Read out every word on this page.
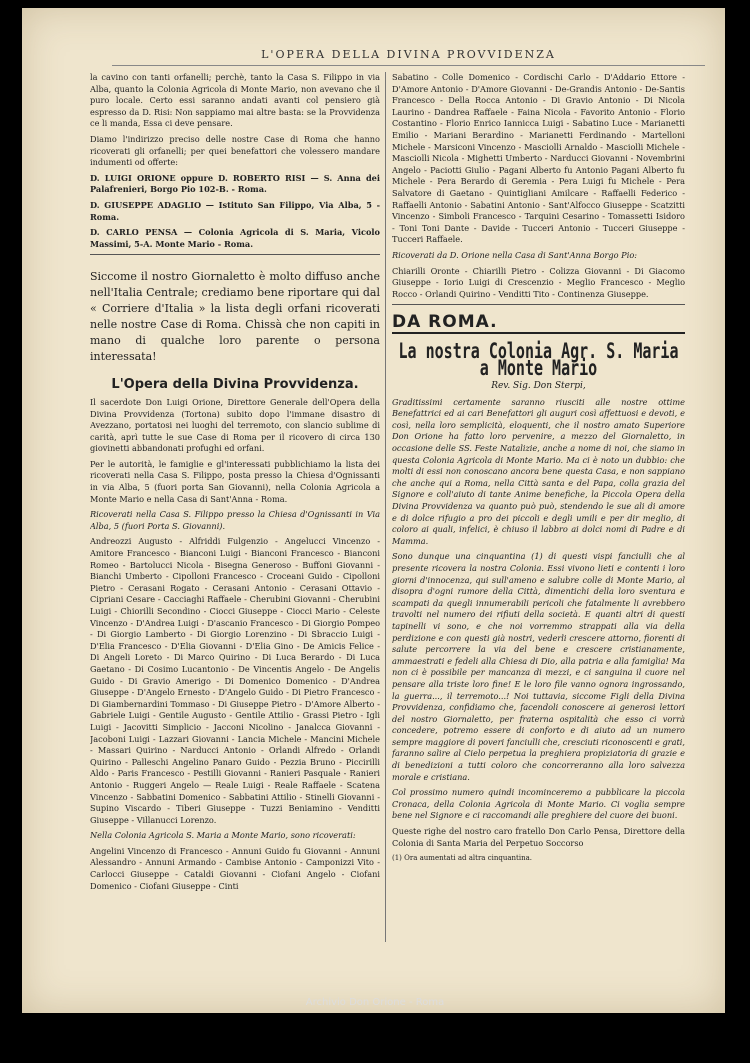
L'OPERA DELLA DIVINA PROVVIDENZA

la cavino con tanti orfanelli; perchè, tanto la Casa S. Filippo in via Alba, quanto la Colonia Agricola di Monte Mario, non avevano che il puro locale. Certo essi saranno andati avanti col pensiero già espresso da D. Risi: Non sappiamo mai altre basta: se la Provvidenza ce li manda, Essa ci deve pensare.

Diamo l'indirizzo preciso delle nostre Case di Roma che hanno ricoverati gli orfanelli; per quei benefattori che volessero mandare indumenti od offerte:

D. LUIGI ORIONE oppure D. ROBERTO RISI — S. Anna dei Palafrenieri, Borgo Pio 102-B. - Roma.

D. GIUSEPPE ADAGLIO — Istituto San Filippo, Via Alba, 5 - Roma.

D. CARLO PENSA — Colonia Agricola di S. Maria, Vicolo Massimi, 5-A. Monte Mario - Roma.

Siccome il nostro Giornaletto è molto diffuso anche nell'Italia Centrale; crediamo bene riportare qui dal « Corriere d'Italia » la lista degli orfani ricoverati nelle nostre Case di Roma. Chissà che non capiti in mano di qualche loro parente o persona interessata!

L'Opera della Divina Provvidenza.

Il sacerdote Don Luigi Orione, Direttore Generale dell'Opera della Divina Provvidenza (Tortona) subito dopo l'immane disastro di Avezzano, portatosi nei luoghi del terremoto, con slancio sublime di carità, aprì tutte le sue Case di Roma per il ricovero di circa 130 giovinetti abbandonati profughi ed orfani.

Per le autorità, le famiglie e gl'interessati pubblichiamo la lista dei ricoverati nella Casa S. Filippo, posta presso la Chiesa d'Ognissanti in via Alba, 5 (fuori porta San Giovanni), nella Colonia Agricola a Monte Mario e nella Casa di Sant'Anna - Roma.

Ricoverati nella Casa S. Filippo presso la Chiesa d'Ognissanti in Via Alba, 5 (fuori Porta S. Giovanni).

Andreozzi Augusto - Alfriddi Fulgenzio - Angelucci Vincenzo - Amitore Francesco - Bianconi Luigi - Bianconi Francesco - Bianconi Romeo - Bartolucci Nicola - Bisegna Generoso - Buffoni Giovanni - Bianchi Umberto - Cipolloni Francesco - Croceani Guido - Cipolloni Pietro - Cerasani Rogato - Cerasani Antonio - Cerasani Ottavio - Cipriani Cesare - Cacciaghi Raffaele - Cherubini Giovanni - Cherubini Luigi - Chiorilli Secondino - Ciocci Giuseppe - Ciocci Mario - Celeste Vincenzo - D'Andrea Luigi - D'ascanio Francesco - Di Giorgio Pompeo - Di Giorgio Lamberto - Di Giorgio Lorenzino - Di Sbraccio Luigi - D'Elia Francesco - D'Elia Giovanni - D'Elia Gino - De Amicis Felice - Di Angeli Loreto - Di Marco Quirino - Di Luca Berardo - Di Luca Gaetano - Di Cosimo Lucantonio - De Vincentis Angelo - De Angelis Guido - Di Gravio Amerigo - Di Domenico Domenico - D'Andrea Giuseppe - D'Angelo Ernesto - D'Angelo Guido - Di Pietro Francesco - Di Giambernardini Tommaso - Di Giuseppe Pietro - D'Amore Alberto - Gabriele Luigi - Gentile Augusto - Gentile Attilio - Grassi Pietro - Igli Luigi - Jacovitti Simplicio - Jacconi Nicolino - Janalcca Giovanni - Jacoboni Luigi - Lazzari Giovanni - Lancia Michele - Mancini Michele - Massari Quirino - Narducci Antonio - Orlandi Alfredo - Orlandi Quirino - Palleschi Angelino Panaro Guido - Pezzia Bruno - Piccirilli Aldo - Paris Francesco - Pestilli Giovanni - Ranieri Pasquale - Ranieri Antonio - Ruggeri Angelo — Reale Luigi - Reale Raffaele - Scatena Vincenzo - Sabbatini Domenico - Sabbatini Attilio - Stinelli Giovanni - Supino Viscardo - Tiberi Giuseppe - Tuzzi Beniamino - Venditti Giuseppe - Villanucci Lorenzo.

Nella Colonia Agricola S. Maria a Monte Mario, sono ricoverati:

Angelini Vincenzo di Francesco - Annuni Guido fu Giovanni - Annuni Alessandro - Annuni Armando - Cambise Antonio - Camponizzi Vito - Carlocci Giuseppe - Cataldi Giovanni - Ciofani Angelo - Ciofani Domenico - Ciofani Giuseppe - Cinti

Sabatino - Colle Domenico - Cordischi Carlo - D'Addario Ettore - D'Amore Antonio - D'Amore Giovanni - De-Grandis Antonio - De-Santis Francesco - Della Rocca Antonio - Di Gravio Antonio - Di Nicola Laurino - Dandrea Raffaele - Faina Nicola - Favorito Antonio - Florio Costantino - Florio Enrico Iannicca Luigi - Sabatino Luce - Marianetti Emilio - Mariani Berardino - Marianetti Ferdinando - Martelloni Michele - Marsiconi Vincenzo - Masciolli Arnaldo - Masciolli Michele - Masciolli Nicola - Mighetti Umberto - Narducci Giovanni - Novembrini Angelo - Paciotti Giulio - Pagani Alberto fu Antonio Pagani Alberto fu Michele - Pera Berardo di Geremia - Pera Luigi fu Michele - Pera Salvatore di Gaetano - Quintigliani Amilcare - Raffaelli Federico - Raffaelli Antonio - Sabatini Antonio - Sant'Alfocco Giuseppe - Scatzitti Vincenzo - Simboli Francesco - Tarquini Cesarino - Tomassetti Isidoro - Toni Toni Dante - Davide - Tucceri Antonio - Tucceri Giuseppe - Tucceri Raffaele.

Ricoverati da D. Orione nella Casa di Sant'Anna Borgo Pio:

Chiarilli Oronte - Chiarilli Pietro - Colizza Giovanni - Di Giacomo Giuseppe - Iorio Luigi di Crescenzio - Meglio Francesco - Meglio Rocco - Orlandi Quirino - Venditti Tito - Continenza Giuseppe.

DA ROMA.
La nostra Colonia Agr. S. Maria a Monte Mario
Rev. Sig. Don Sterpi,

Graditissimi certamente saranno riusciti alle nostre ottime Benefattrici ed ai cari Benefattori gli auguri così affettuosi e devoti, e così, nella loro semplicità, eloquenti, che il nostro amato Superiore Don Orione ha fatto loro pervenire, a mezzo del Giornaletto, in occasione delle SS. Feste Natalizie, anche a nome di noi, che siamo in questa Colonia Agricola di Monte Mario. Ma ci è noto un dubbio: che molti di essi non conoscano ancora bene questa Casa, e non sappiano che anche qui a Roma, nella Città santa e del Papa, colla grazia del Signore e coll'aiuto di tante Anime benefiche, la Piccola Opera della Divina Provvidenza va quanto può può, stendendo le sue ali di amore e di dolce rifugio a pro dei piccoli e degli umili e per dir meglio, di coloro ai quali, infelici, è chiuso il labbro ai dolci nomi di Padre e di Mamma.

Sono dunque una cinquantina (1) di questi vispi fanciulli che al presente ricovera la nostra Colonia. Essi vivono lieti e contenti i loro giorni d'innocenza, qui sull'ameno e salubre colle di Monte Mario, al disopra d'ogni rumore della Città, dimentichi della loro sventura e scampati da quegli innumerabili pericoli che fatalmente li avrebbero travolti nel numero dei rifiuti della società. E quanti altri di questi tapinelli vi sono, e che noi vorremmo strappati alla via della perdizione e con questi già nostri, vederli crescere attorno, fiorenti di salute percorrere la via del bene e crescere cristianamente, ammaestrati e fedeli alla Chiesa di Dio, alla patria e alla famiglia! Ma non ci è possibile per mancanza di mezzi, e ci sanguina il cuore nel pensare alla triste loro fine! E le loro file vanno ognora ingrossando, la guerra..., il terremoto...! Noi tuttavia, siccome Figli della Divina Provvidenza, confidiamo che, facendoli conoscere ai generosi lettori del nostro Giornaletto, per fraterna ospitalità che esso ci vorrà concedere, potremo essere di conforto e di aiuto ad un numero sempre maggiore di poveri fanciulli che, cresciuti riconoscenti e grati, faranno salire al Cielo perpetua la preghiera propiziatoria di grazie e di benedizioni a tutti coloro che concorreranno alla loro salvezza morale e cristiana.

Col prossimo numero quindi incominceremo a pubblicare la piccola Cronaca, della Colonia Agricola di Monte Mario. Ci voglia sempre bene nel Signore e ci raccomandi alle preghiere del cuore dei buoni.

Queste righe del nostro caro fratello Don Carlo Pensa, Direttore della Colonia di Santa Maria del Perpetuo Soccorso

(1) Ora aumentati ad altra cinquantina.

Archivio Don Orione - Roma
